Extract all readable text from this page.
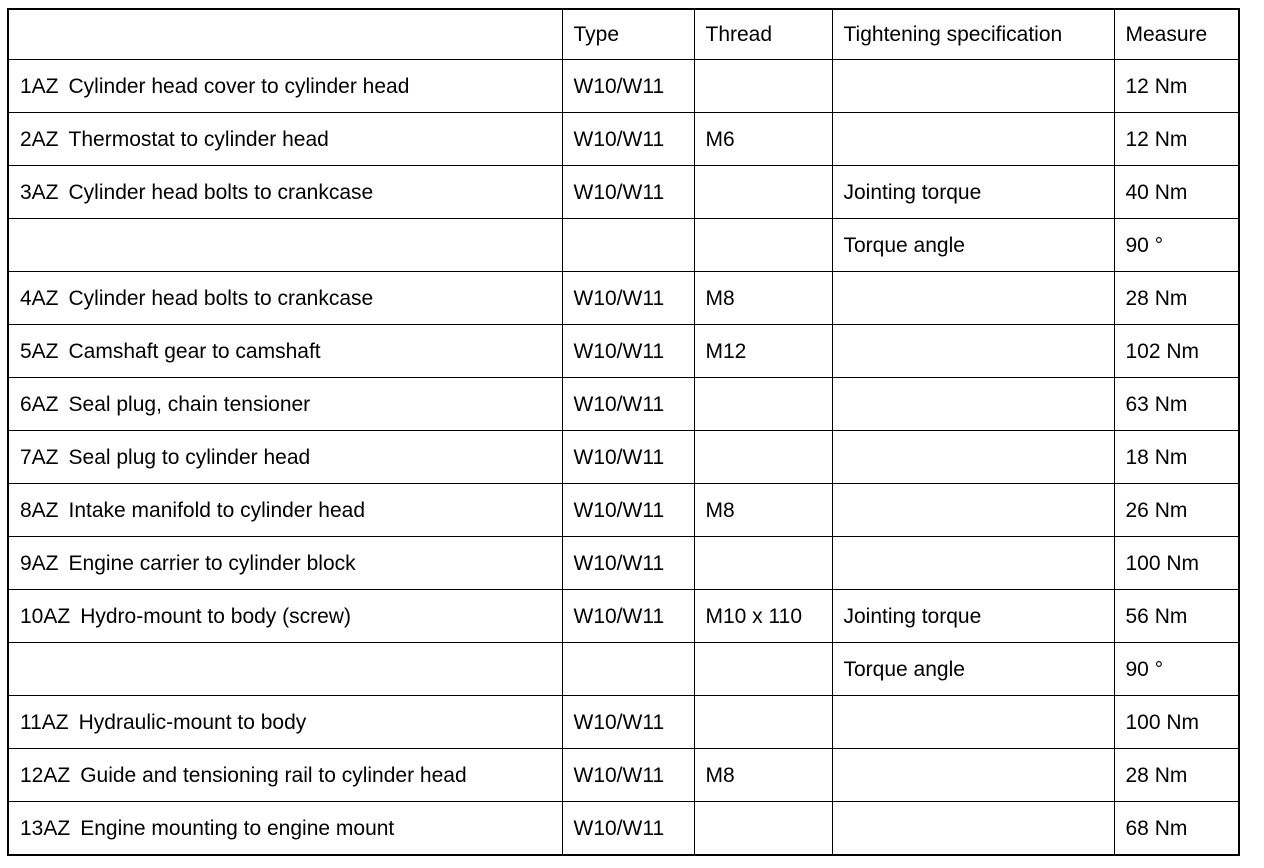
	Type	Thread	Tightening specification	Measure
1AZ Cylinder head cover to cylinder head	W10/W11			12 Nm
2AZ Thermostat to cylinder head	W10/W11	M6		12 Nm
3AZ Cylinder head bolts to crankcase	W10/W11		Jointing torque	40 Nm
			Torque angle	90 °
4AZ Cylinder head bolts to crankcase	W10/W11	M8		28 Nm
5AZ Camshaft gear to camshaft	W10/W11	M12		102 Nm
6AZ Seal plug, chain tensioner	W10/W11			63 Nm
7AZ Seal plug to cylinder head	W10/W11			18 Nm
8AZ Intake manifold to cylinder head	W10/W11	M8		26 Nm
9AZ Engine carrier to cylinder block	W10/W11			100 Nm
10AZ Hydro-mount to body (screw)	W10/W11	M10 x 110	Jointing torque	56 Nm
			Torque angle	90 °
11AZ Hydraulic-mount to body	W10/W11			100 Nm
12AZ Guide and tensioning rail to cylinder head	W10/W11	M8		28 Nm
13AZ Engine mounting to engine mount	W10/W11			68 Nm
